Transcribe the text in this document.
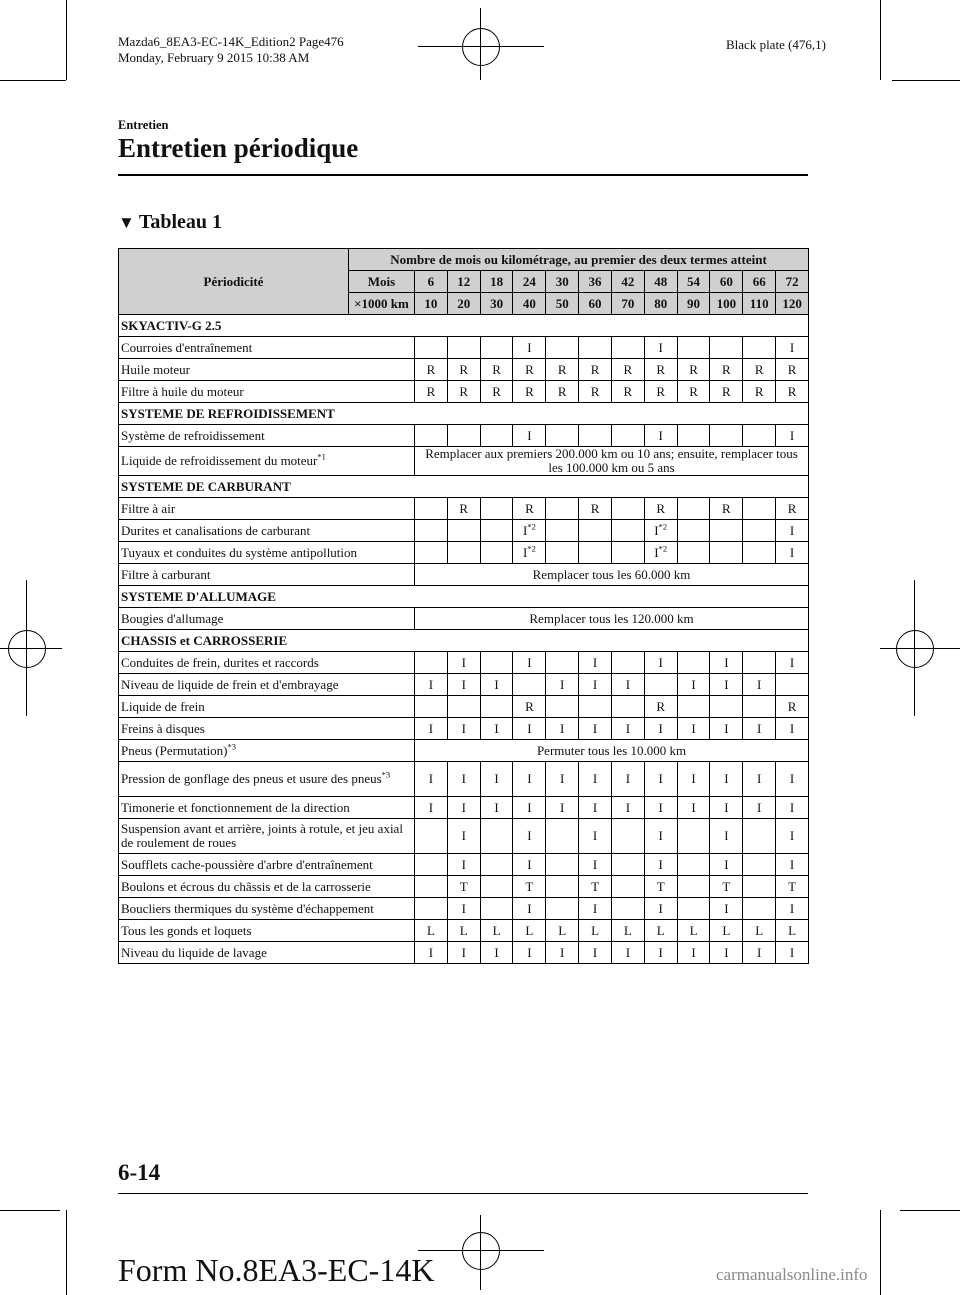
Mazda6_8EA3-EC-14K_Edition2 Page476
Monday, February 9 2015 10:38 AM
Black plate (476,1)
Entretien
Entretien périodique
▼ Tableau 1
Périodicité	Nombre de mois ou kilométrage, au premier des deux termes atteint												
	Mois	6	12	18	24	30	36	42	48	54	60	66	72
	×1000 km	10	20	30	40	50	60	70	80	90	100	110	120
SKYACTIV-G 2.5													
Courroies d'entraînement					I				I				I
Huile moteur		R	R	R	R	R	R	R	R	R	R	R	R
Filtre à huile du moteur		R	R	R	R	R	R	R	R	R	R	R	R
SYSTEME DE REFROIDISSEMENT													
Système de refroidissement					I				I				I
Liquide de refroidissement du moteur$^{*1}$		Remplacer aux premiers 200.000 km ou 10 ans; ensuite, remplacer tous les 100.000 km ou 5 ans											
SYSTEME DE CARBURANT													
Filtre à air			R		R		R		R		R		R
Durites et canalisations de carburant					$I^{*2}$				$I^{*2}$				I
Tuyaux et conduites du système antipollution					$I^{*2}$				$I^{*2}$				I
Filtre à carburant		Remplacer tous les 60.000 km											
SYSTEME D'ALLUMAGE													
Bougies d'allumage		Remplacer tous les 120.000 km											
CHASSIS et CARROSSERIE													
Conduites de frein, durites et raccords			I		I		I		I		I		I
Niveau de liquide de frein et d'embrayage		I	I	I		I	I	I		I	I	I	
Liquide de frein					R				R				R
Freins à disques		I	I	I	I	I	I	I	I	I	I	I	I
Pneus (Permutation)$^{*3}$		Permuter tous les 10.000 km											
Pression de gonflage des pneus et usure des pneus$^{*3}$		I	I	I	I	I	I	I	I	I	I	I	I
Timonerie et fonctionnement de la direction		I	I	I	I	I	I	I	I	I	I	I	I
Suspension avant et arrière, joints à rotule, et jeu axial de roulement de roues			I		I		I		I		I		I
Soufflets cache-poussière d'arbre d'entraînement			I		I		I		I		I		I
Boulons et écrous du châssis et de la carrosserie			T		T		T		T		T		T
Boucliers thermiques du système d'échappement			I		I		I		I		I		I
Tous les gonds et loquets		L	L	L	L	L	L	L	L	L	L	L	L
Niveau du liquide de lavage		I	I	I	I	I	I	I	I	I	I	I	I
6-14
Form No.8EA3-EC-14K	carmanualsonline.info
